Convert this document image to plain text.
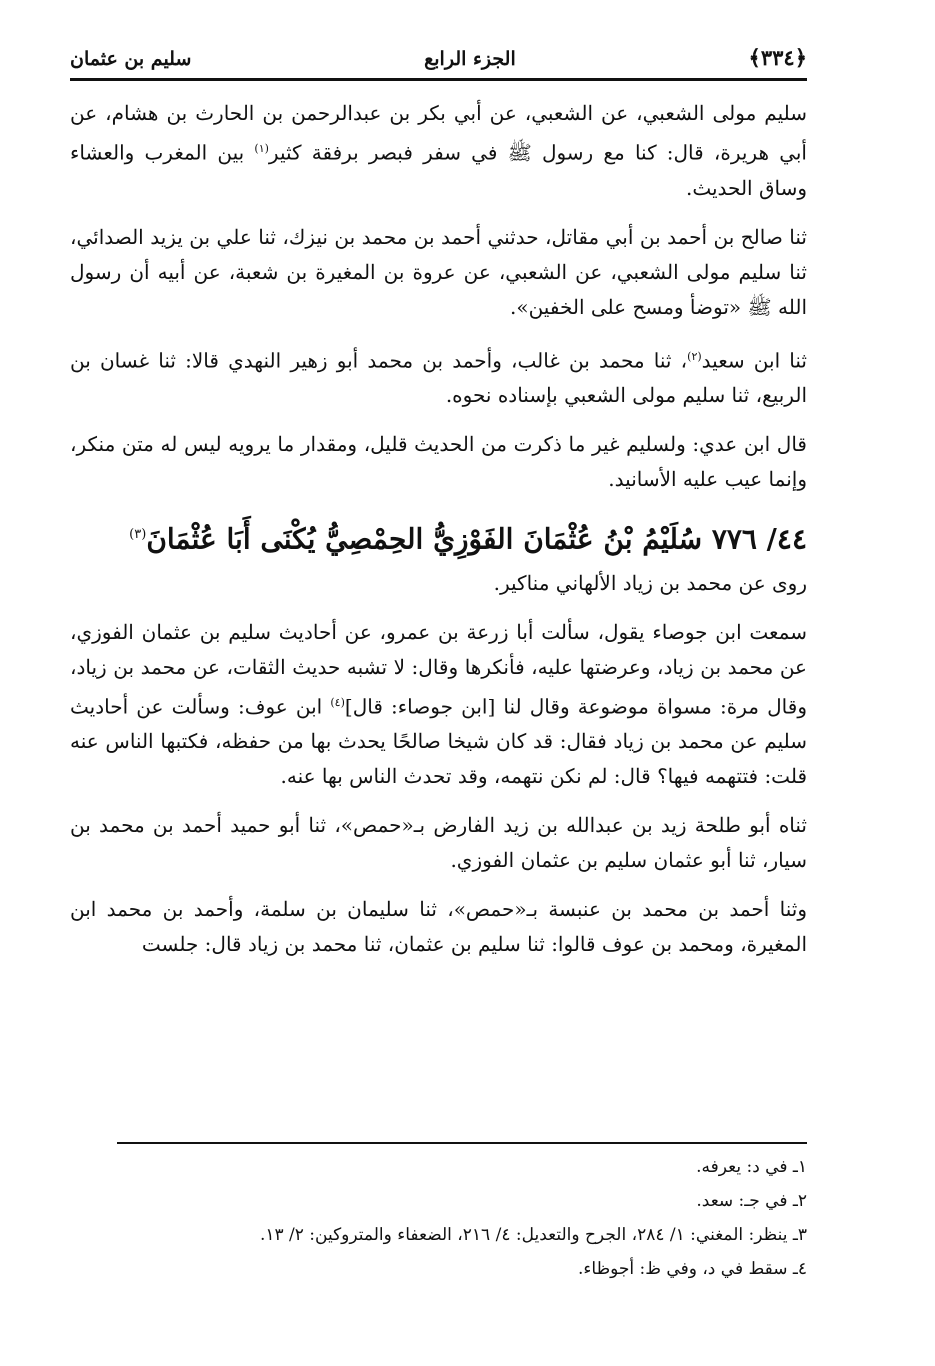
﴿٣٣٤﴾
الجزء الرابع
سليم بن عثمان

سليم مولى الشعبي، عن الشعبي، عن أبي بكر بن عبدالرحمن بن الحارث بن هشام، عن أبي هريرة، قال: كنا مع رسول ﷺ في سفر فبصر برفقة كثير$^{(١)}$ بين المغرب والعشاء وساق الحديث.

ثنا صالح بن أحمد بن أبي مقاتل، حدثني أحمد بن محمد بن نيزك، ثنا علي بن يزيد الصدائي، ثنا سليم مولى الشعبي، عن الشعبي، عن عروة بن المغيرة بن شعبة، عن أبيه أن رسول الله ﷺ «توضأ ومسح على الخفين».

ثنا ابن سعيد$^{(٢)}$، ثنا محمد بن غالب، وأحمد بن محمد أبو زهير النهدي قالا: ثنا غسان بن الربيع، ثنا سليم مولى الشعبي بإسناده نحوه.

قال ابن عدي: ولسليم غير ما ذكرت من الحديث قليل، ومقدار ما يرويه ليس له متن منكر، وإنما عيب عليه الأسانيد.

٤٤/ ٧٧٦ سُلَيْمُ بْنُ عُثْمَانَ الفَوْزِيُّ الحِمْصِيُّ يُكْنَى أَبَا عُثْمَانَ$^{(٣)}$

روى عن محمد بن زياد الألهاني مناكير.

سمعت ابن جوصاء يقول، سألت أبا زرعة بن عمرو، عن أحاديث سليم بن عثمان الفوزي، عن محمد بن زياد، وعرضتها عليه، فأنكرها وقال: لا تشبه حديث الثقات، عن محمد بن زياد، وقال مرة: مسواة موضوعة وقال لنا [ابن جوصاء: قال]$^{(٤)}$ ابن عوف: وسألت عن أحاديث سليم عن محمد بن زياد فقال: قد كان شيخا صالحًا يحدث بها من حفظه، فكتبها الناس عنه قلت: فتتهمه فيها؟ قال: لم نكن نتهمه، وقد تحدث الناس بها عنه.

ثناه أبو طلحة زيد بن عبدالله بن زيد الفارض بـ«حمص»، ثنا أبو حميد أحمد بن محمد بن سيار، ثنا أبو عثمان سليم بن عثمان الفوزي.

وثنا أحمد بن محمد بن عنبسة بـ«حمص»، ثنا سليمان بن سلمة، وأحمد بن محمد ابن المغيرة، ومحمد بن عوف قالوا: ثنا سليم بن عثمان، ثنا محمد بن زياد قال: جلست

١ـ في د: يعرفه.

٢ـ في جـ: سعد.

٣ـ ينظر: المغني: ١/ ٢٨٤، الجرح والتعديل: ٤/ ٢١٦، الضعفاء والمتروكين: ٢/ ١٣.

٤ـ سقط في د، وفي ظ: أجوظاء.
